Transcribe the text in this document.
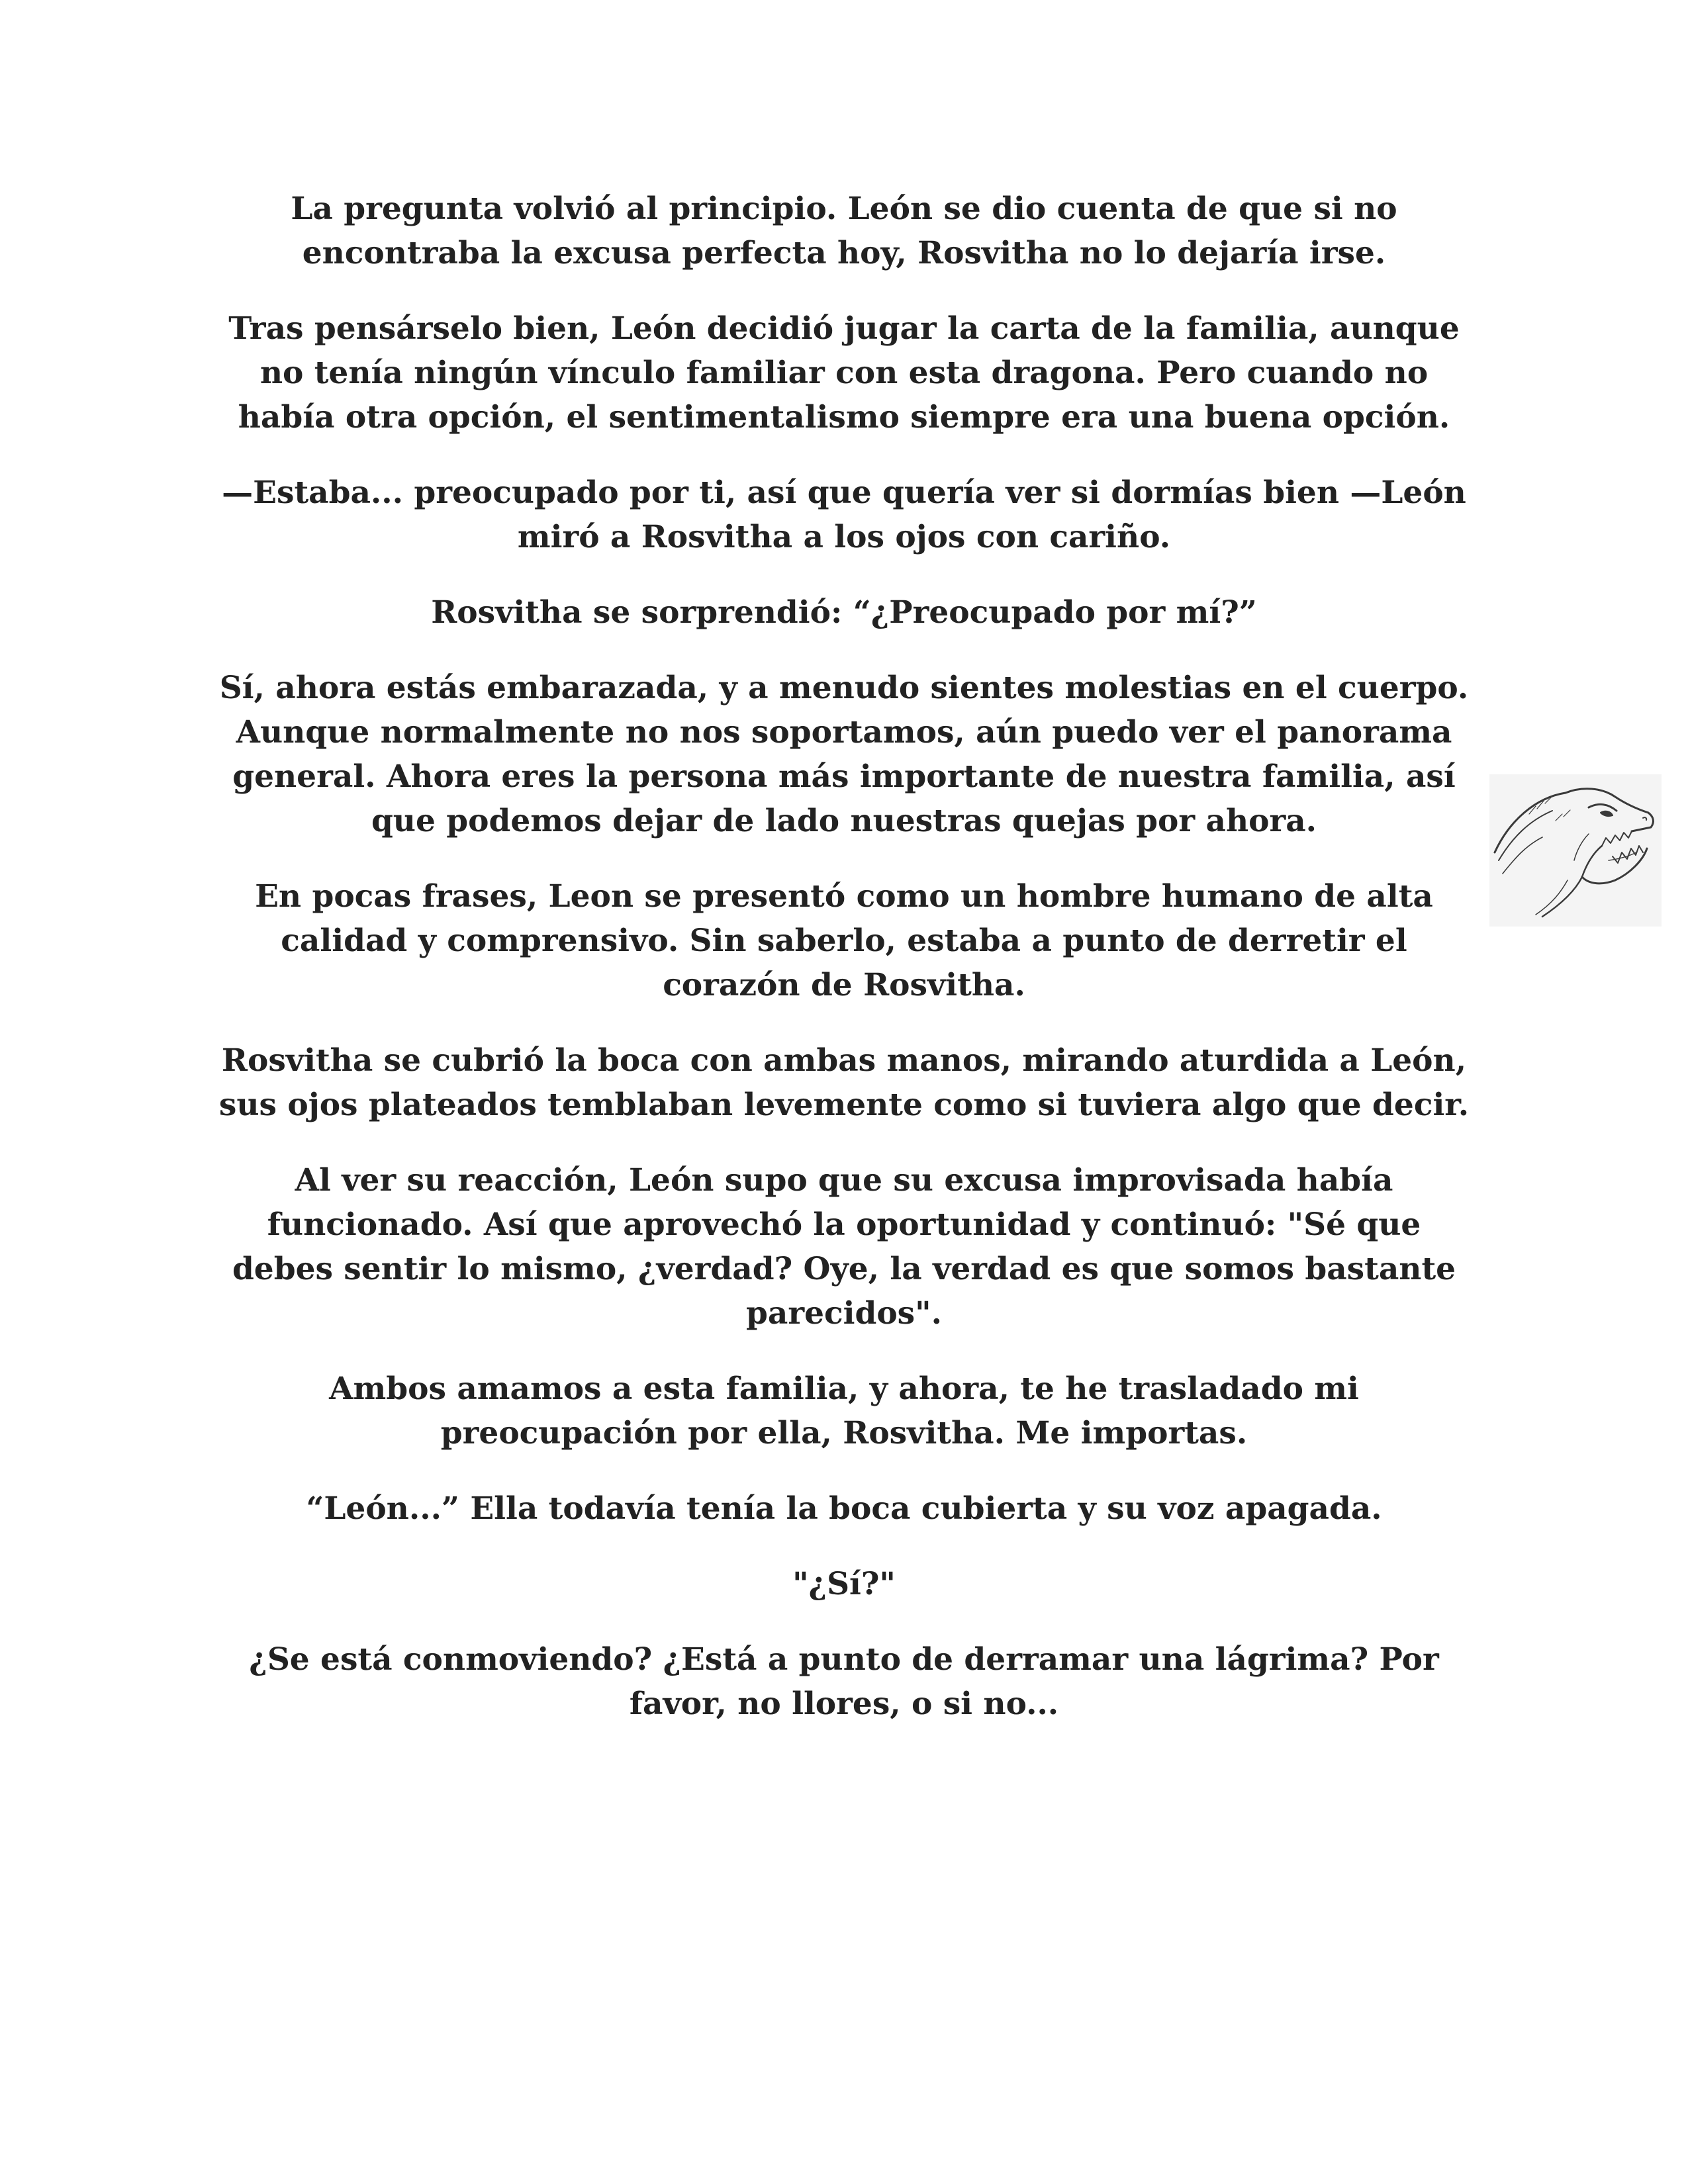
La pregunta volvió al principio. León se dio cuenta de que si no encontraba la excusa perfecta hoy, Rosvitha no lo dejaría irse.

Tras pensárselo bien, León decidió jugar la carta de la familia, aunque no tenía ningún vínculo familiar con esta dragona. Pero cuando no había otra opción, el sentimentalismo siempre era una buena opción.

—Estaba... preocupado por ti, así que quería ver si dormías bien —León miró a Rosvitha a los ojos con cariño.

Rosvitha se sorprendió: “¿Preocupado por mí?”

Sí, ahora estás embarazada, y a menudo sientes molestias en el cuerpo. Aunque normalmente no nos soportamos, aún puedo ver el panorama general. Ahora eres la persona más importante de nuestra familia, así que podemos dejar de lado nuestras quejas por ahora.

En pocas frases, Leon se presentó como un hombre humano de alta calidad y comprensivo. Sin saberlo, estaba a punto de derretir el corazón de Rosvitha.

Rosvitha se cubrió la boca con ambas manos, mirando aturdida a León, sus ojos plateados temblaban levemente como si tuviera algo que decir.

Al ver su reacción, León supo que su excusa improvisada había funcionado. Así que aprovechó la oportunidad y continuó: "Sé que debes sentir lo mismo, ¿verdad? Oye, la verdad es que somos bastante parecidos".

Ambos amamos a esta familia, y ahora, te he trasladado mi preocupación por ella, Rosvitha. Me importas.

“León...” Ella todavía tenía la boca cubierta y su voz apagada.

"¿Sí?"

¿Se está conmoviendo? ¿Está a punto de derramar una lágrima? Por favor, no llores, o si no...
